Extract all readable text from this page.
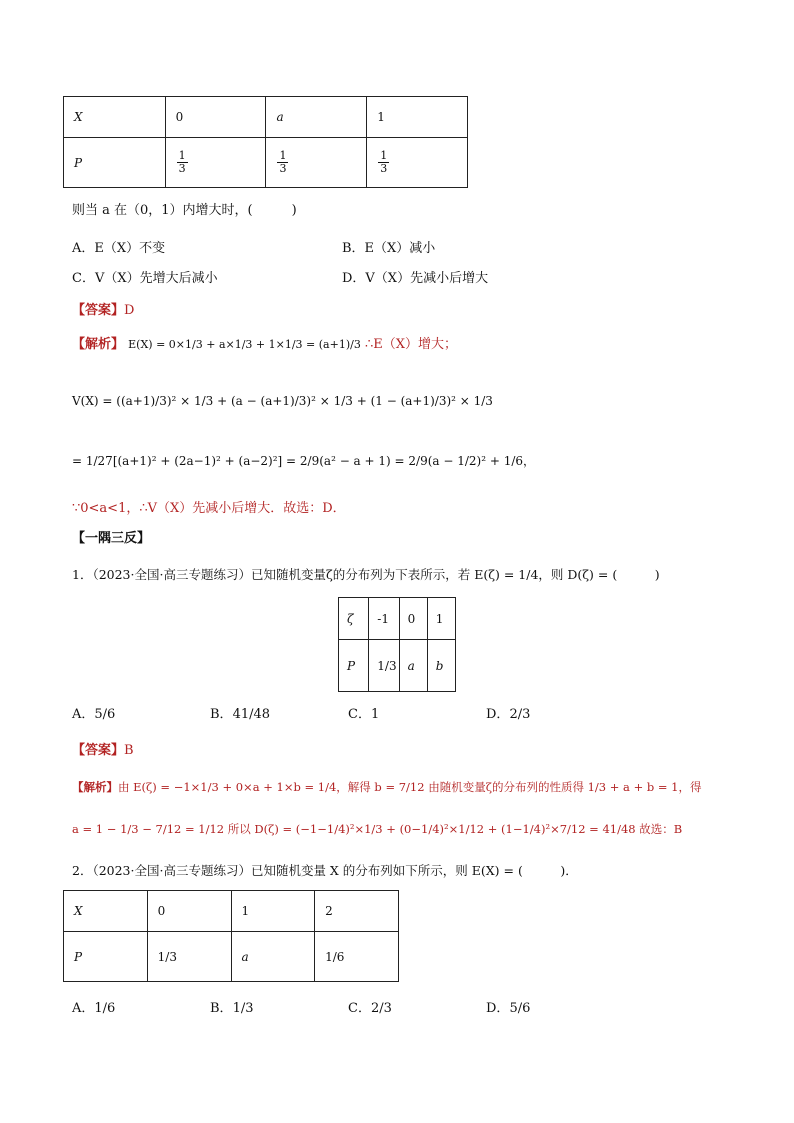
X	0	a	1
P	$\frac{1}{3}$	$\frac{1}{3}$	$\frac{1}{3}$
则当 a 在（0，1）内增大时，(　　　)
A．E（X）不变	B．E（X）减小
C．V（X）先增大后减小	D．V（X）先减小后增大
【答案】D
【解析】 E(X) = 0×1/3 + a×1/3 + 1×1/3 = (a+1)/3 ∴E（X）增大；
V(X) = ((a+1)/3)² × 1/3 + (a − (a+1)/3)² × 1/3 + (1 − (a+1)/3)² × 1/3
= 1/27[(a+1)² + (2a−1)² + (a−2)²] = 2/9(a² − a + 1) = 2/9(a − 1/2)² + 1/6，
∵0<a<1，∴V（X）先减小后增大．故选：D．
【一隅三反】
1．（2023·全国·高三专题练习）已知随机变量ζ的分布列为下表所示，若 E(ζ) = 1/4，则 D(ζ) = (　　　)
ζ	-1	0	1
P	1/3	a	b
A．5/6	B．41/48	C．1	D．2/3
【答案】B
【解析】由 E(ζ) = −1×1/3 + 0×a + 1×b = 1/4，解得 b = 7/12 由随机变量ζ的分布列的性质得 1/3 + a + b = 1，得
a = 1 − 1/3 − 7/12 = 1/12 所以 D(ζ) = (−1−1/4)²×1/3 + (0−1/4)²×1/12 + (1−1/4)²×7/12 = 41/48 故选：B
2．（2023·全国·高三专题练习）已知随机变量 X 的分布列如下所示，则 E(X) = (　　　)．
X	0	1	2
P	1/3	a	1/6
A．1/6	B．1/3	C．2/3	D．5/6
